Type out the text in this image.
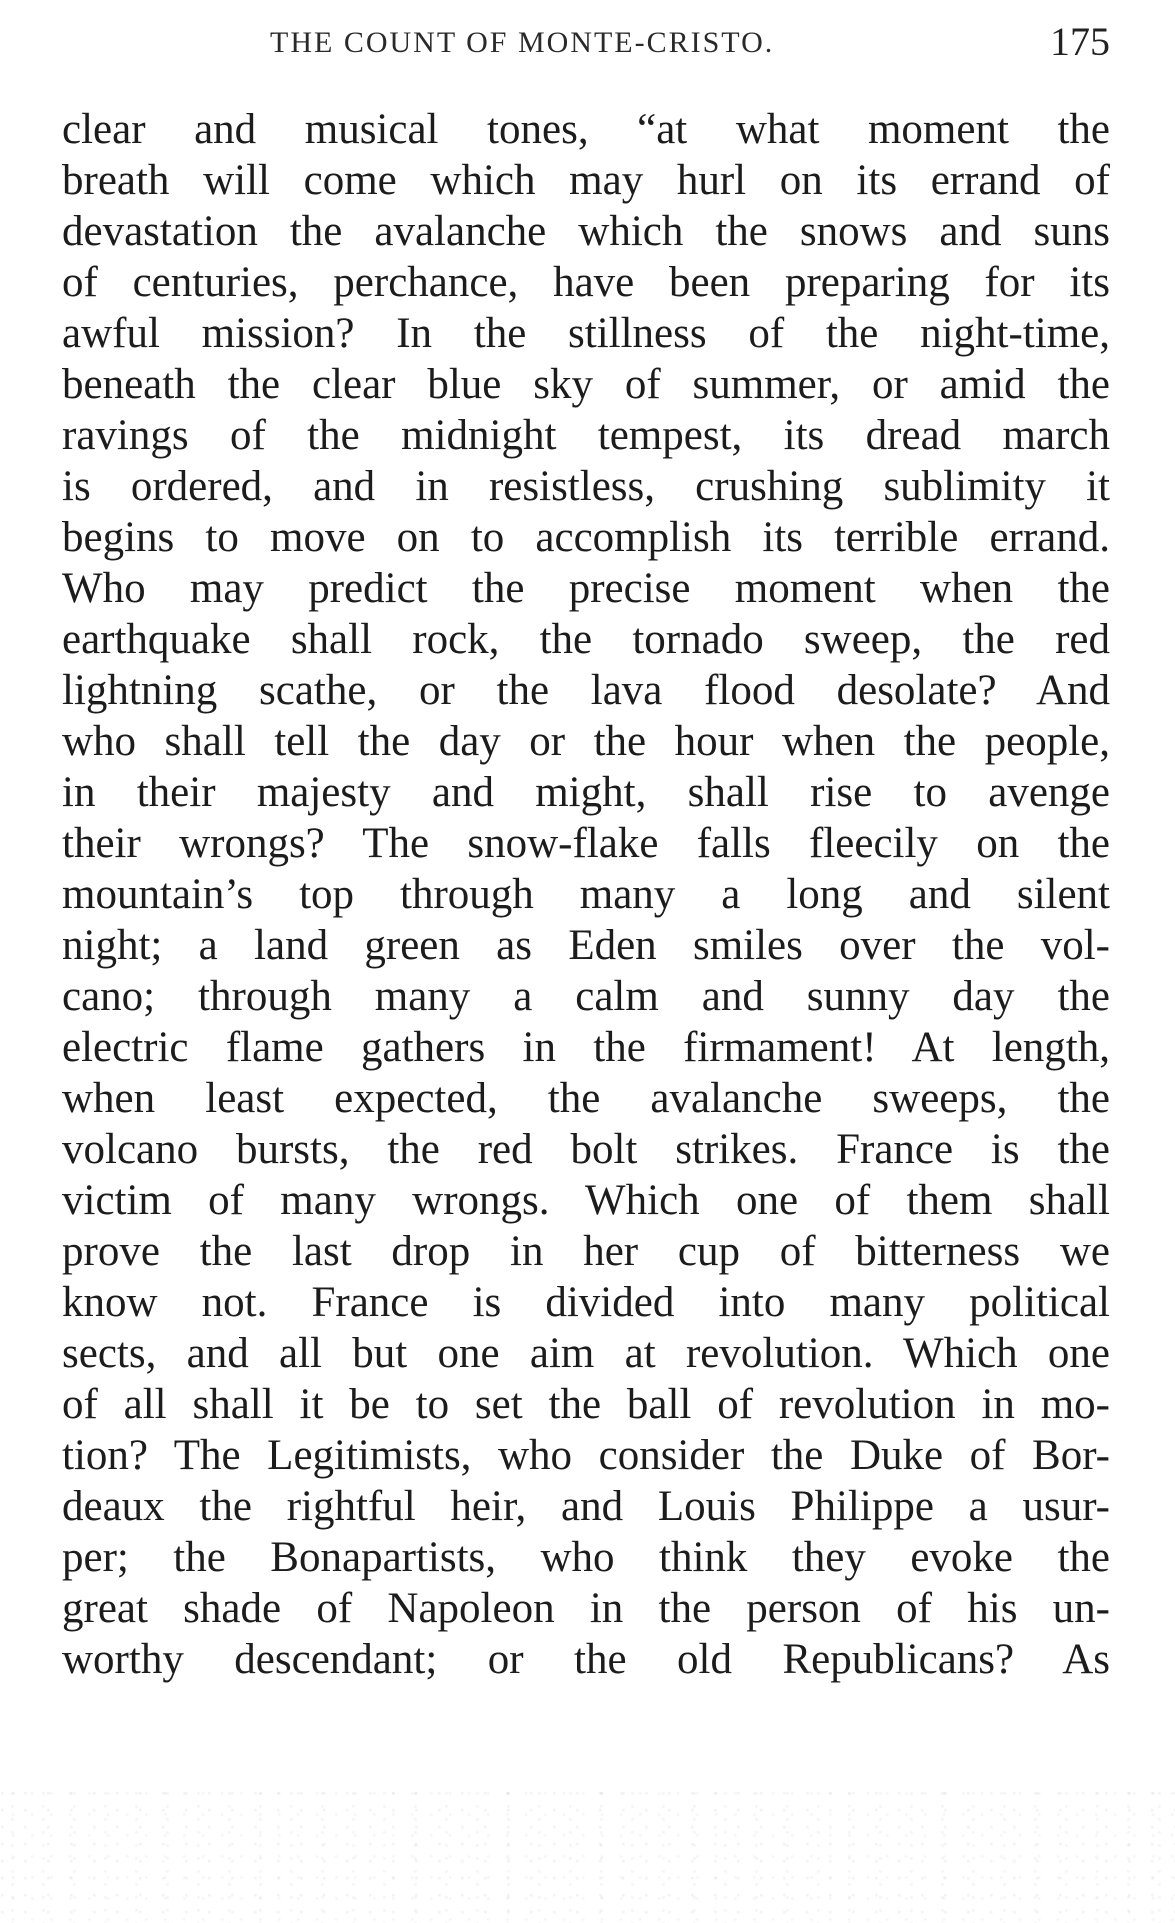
THE COUNT OF MONTE-CRISTO.	175
clear and musical tones, “at what moment the
breath will come which may hurl on its errand of
devastation the avalanche which the snows and suns
of centuries, perchance, have been preparing for its
awful mission? In the stillness of the night-time,
beneath the clear blue sky of summer, or amid the
ravings of the midnight tempest, its dread march
is ordered, and in resistless, crushing sublimity it
begins to move on to accomplish its terrible errand.
Who may predict the precise moment when the
earthquake shall rock, the tornado sweep, the red
lightning scathe, or the lava flood desolate? And
who shall tell the day or the hour when the people,
in their majesty and might, shall rise to avenge
their wrongs? The snow-flake falls fleecily on the
mountain’s top through many a long and silent
night; a land green as Eden smiles over the vol-
cano; through many a calm and sunny day the
electric flame gathers in the firmament! At length,
when least expected, the avalanche sweeps, the
volcano bursts, the red bolt strikes. France is the
victim of many wrongs. Which one of them shall
prove the last drop in her cup of bitterness we
know not. France is divided into many political
sects, and all but one aim at revolution. Which one
of all shall it be to set the ball of revolution in mo-
tion? The Legitimists, who consider the Duke of Bor-
deaux the rightful heir, and Louis Philippe a usur-
per; the Bonapartists, who think they evoke the
great shade of Napoleon in the person of his un-
worthy descendant; or the old Republicans? As
